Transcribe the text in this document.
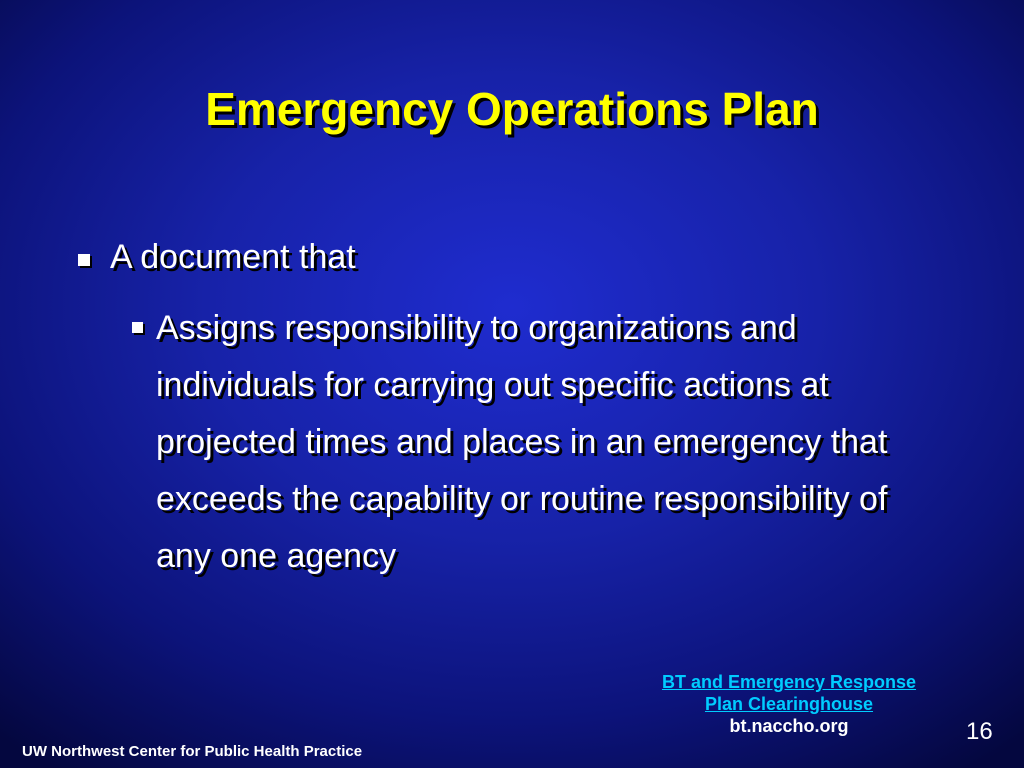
Emergency Operations Plan
A document that
Assigns responsibility to organizations and individuals for carrying out specific actions at projected times and places in an emergency that exceeds the capability or routine responsibility of any one agency
BT and Emergency Response
Plan Clearinghouse
bt.naccho.org	16
UW Northwest Center for Public Health Practice
